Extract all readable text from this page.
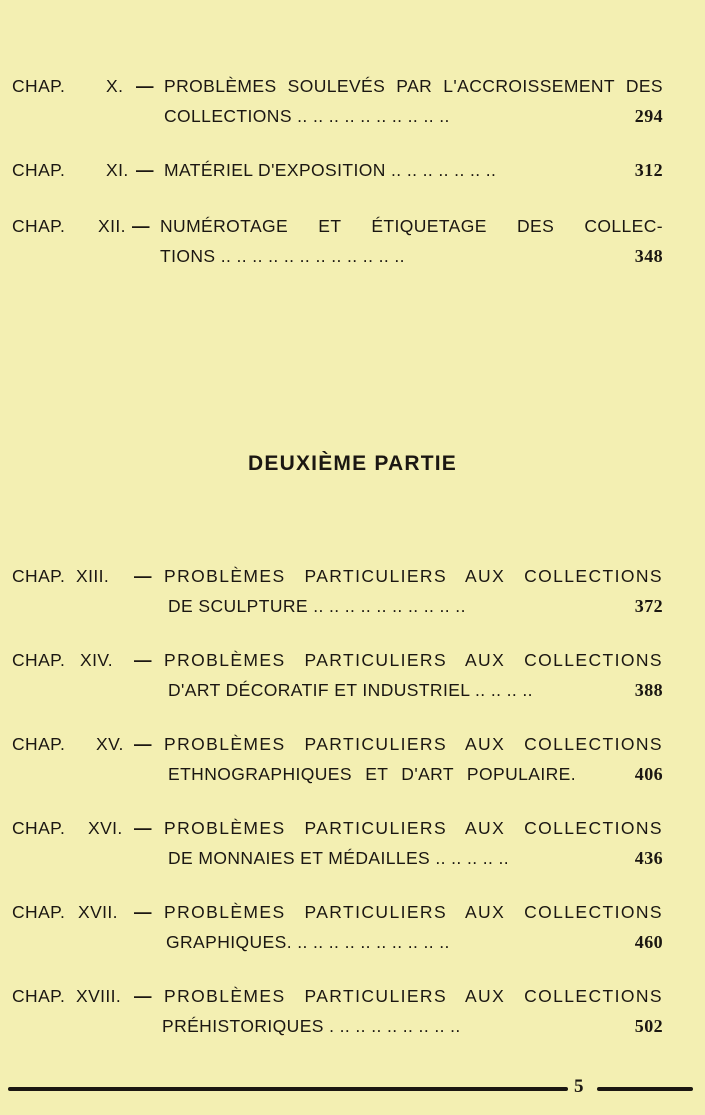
CHAP. X. — PROBLÈMES SOULEVÉS PAR L'ACCROISSEMENT DES
COLLECTIONS .. .. .. .. .. .. .. .. .. ..	294
CHAP. XI. — MATÉRIEL D'EXPOSITION .. .. .. .. .. .. ..	312
CHAP. XII. — NUMÉROTAGE ET ÉTIQUETAGE DES COLLEC-
TIONS .. .. .. .. .. .. .. .. .. .. .. ..	348
DEUXIÈME PARTIE
CHAP. XIII. — PROBLÈMES PARTICULIERS AUX COLLECTIONS
DE SCULPTURE .. .. .. .. .. .. .. .. .. ..	372
CHAP. XIV. — PROBLÈMES PARTICULIERS AUX COLLECTIONS
D'ART DÉCORATIF ET INDUSTRIEL .. .. .. ..	388
CHAP. XV. — PROBLÈMES PARTICULIERS AUX COLLECTIONS
ETHNOGRAPHIQUES ET D'ART POPULAIRE.	406
CHAP. XVI. — PROBLÈMES PARTICULIERS AUX COLLECTIONS
DE MONNAIES ET MÉDAILLES .. .. .. .. ..	436
CHAP. XVII. — PROBLÈMES PARTICULIERS AUX COLLECTIONS
GRAPHIQUES. .. .. .. .. .. .. .. .. .. ..	460
CHAP. XVIII. — PROBLÈMES PARTICULIERS AUX COLLECTIONS
PRÉHISTORIQUES . .. .. .. .. .. .. .. ..	502
5
